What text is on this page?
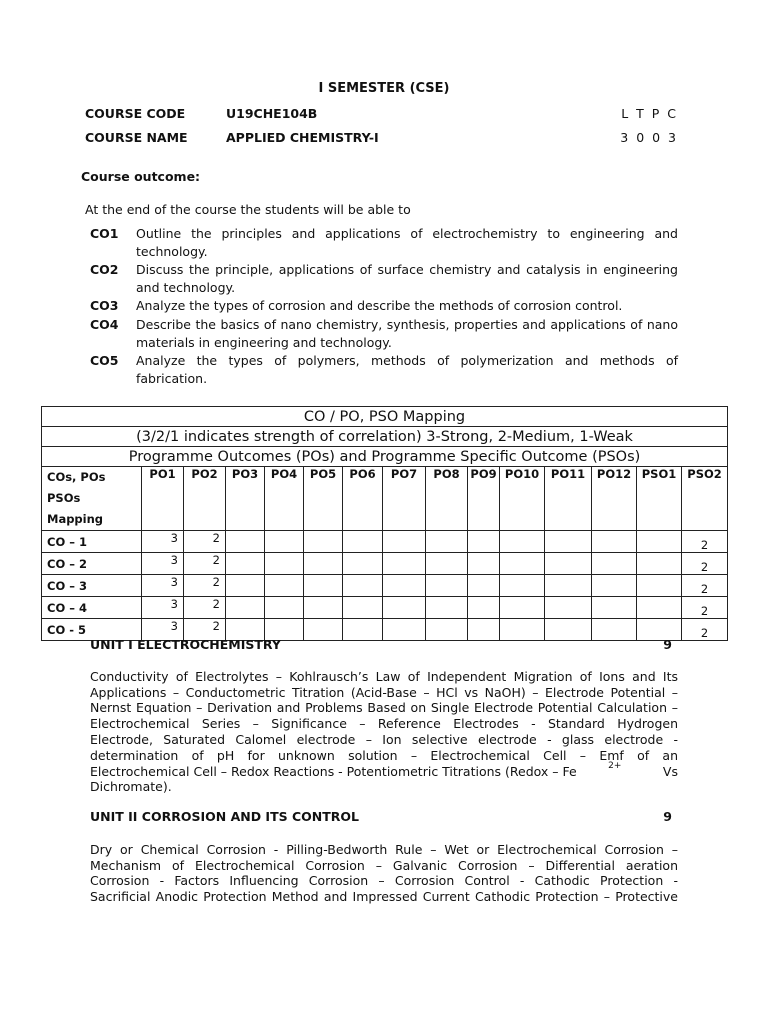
I SEMESTER (CSE)
COURSE CODE	U19CHE104B	L T P C
COURSE NAME	APPLIED CHEMISTRY-I	3 0 0 3
Course outcome:
At the end of the course the students will be able to
CO1 Outline the principles and applications of electrochemistry to engineering and technology.
CO2 Discuss the principle, applications of surface chemistry and catalysis in engineering and technology.
CO3 Analyze the types of corrosion and describe the methods of corrosion control.
CO4 Describe the basics of nano chemistry, synthesis, properties and applications of nano materials in engineering and technology.
CO5 Analyze the types of polymers, methods of polymerization and methods of fabrication.
CO / PO, PSO Mapping														
(3/2/1 indicates strength of correlation) 3-Strong, 2-Medium, 1-Weak														
Programme Outcomes (POs) and Programme Specific Outcome (PSOs)														
COs, POs
PSOs Mapping	PO1	PO2	PO3	PO4	PO5	PO6	PO7	PO8	PO9	PO10	PO11	PO12	PSO1	PSO2
CO – 1	3	2												2
CO – 2	3	2												2
CO – 3	3	2												2
CO – 4	3	2												2
CO - 5	3	2												2
UNIT I ELECTROCHEMISTRY	9
Conductivity of Electrolytes – Kohlrausch’s Law of Independent Migration of Ions and Its
Applications – Conductometric Titration (Acid-Base – HCl vs NaOH) – Electrode Potential –
Nernst Equation – Derivation and Problems Based on Single Electrode Potential Calculation –
Electrochemical Series – Significance – Reference Electrodes - Standard Hydrogen
Electrode, Saturated Calomel electrode – Ion selective electrode - glass electrode -
determination of pH for unknown solution – Electrochemical Cell – Emf of an
Electrochemical Cell – Redox Reactions - Potentiometric Titrations (Redox – Fe	2+	Vs
Dichromate).
UNIT II CORROSION AND ITS CONTROL	9
Dry or Chemical Corrosion - Pilling-Bedworth Rule – Wet or Electrochemical Corrosion –
Mechanism of Electrochemical Corrosion – Galvanic Corrosion – Differential aeration
Corrosion - Factors Influencing Corrosion – Corrosion Control - Cathodic Protection -
Sacrificial Anodic Protection Method and Impressed Current Cathodic Protection – Protective
